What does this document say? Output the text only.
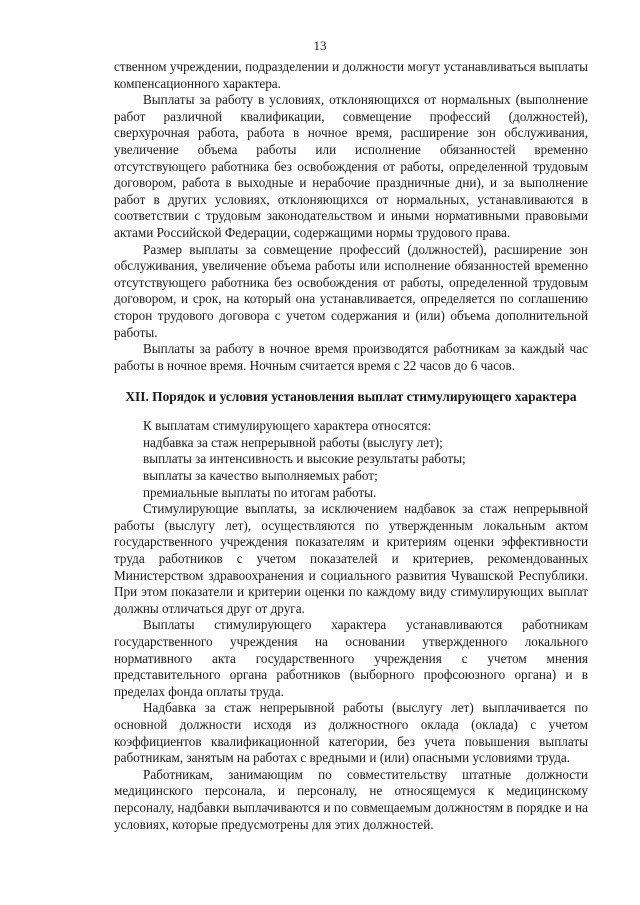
13

ственном учреждении, подразделении и должности могут устанавливаться выплаты компенсационного характера.

Выплаты за работу в условиях, отклоняющихся от нормальных (выполнение работ различной квалификации, совмещение профессий (должностей), сверхурочная работа, работа в ночное время, расширение зон обслуживания, увеличение объема работы или исполнение обязанностей временно отсутствующего работника без освобождения от работы, определенной трудовым договором, работа в выходные и нерабочие праздничные дни), и за выполнение работ в других условиях, отклоняющихся от нормальных, устанавливаются в соответствии с трудовым законодательством и иными нормативными правовыми актами Российской Федерации, содержащими нормы трудового права.

Размер выплаты за совмещение профессий (должностей), расширение зон обслуживания, увеличение объема работы или исполнение обязанностей временно отсутствующего работника без освобождения от работы, определенной трудовым договором, и срок, на который она устанавливается, определяется по соглашению сторон трудового договора с учетом содержания и (или) объема дополнительной работы.

Выплаты за работу в ночное время производятся работникам за каждый час работы в ночное время. Ночным считается время с 22 часов до 6 часов.

XII. Порядок и условия установления выплат стимулирующего характера
К выплатам стимулирующего характера относятся:
надбавка за стаж непрерывной работы (выслугу лет);
выплаты за интенсивность и высокие результаты работы;
выплаты за качество выполняемых работ;
премиальные выплаты по итогам работы.

Стимулирующие выплаты, за исключением надбавок за стаж непрерывной работы (выслугу лет), осуществляются по утвержденным локальным актом государственного учреждения показателям и критериям оценки эффективности труда работников с учетом показателей и критериев, рекомендованных Министерством здравоохранения и социального развития Чувашской Республики. При этом показатели и критерии оценки по каждому виду стимулирующих выплат должны отличаться друг от друга.

Выплаты стимулирующего характера устанавливаются работникам государственного учреждения на основании утвержденного локального нормативного акта государственного учреждения с учетом мнения представительного органа работников (выборного профсоюзного органа) и в пределах фонда оплаты труда.

Надбавка за стаж непрерывной работы (выслугу лет) выплачивается по основной должности исходя из должностного оклада (оклада) с учетом коэффициентов квалификационной категории, без учета повышения выплаты работникам, занятым на работах с вредными и (или) опасными условиями труда.

Работникам, занимающим по совместительству штатные должности медицинского персонала, и персоналу, не относящемуся к медицинскому персоналу, надбавки выплачиваются и по совмещаемым должностям в порядке и на условиях, которые предусмотрены для этих должностей.
